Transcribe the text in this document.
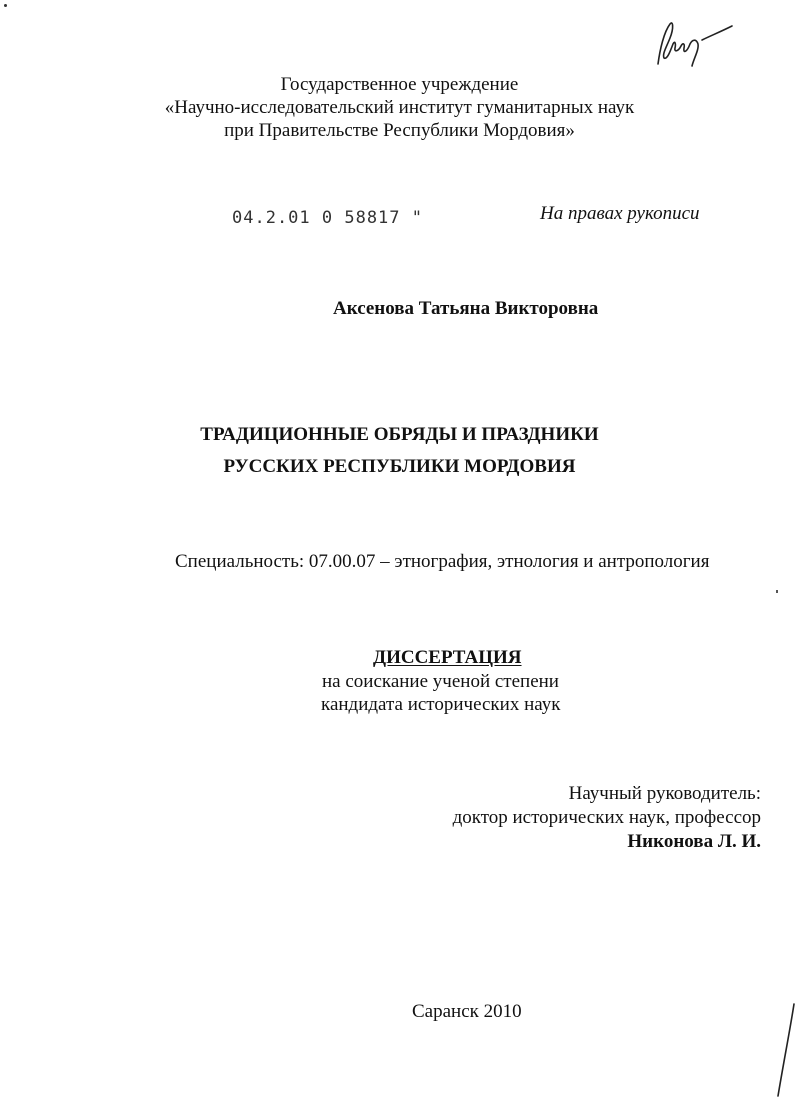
Государственное учреждение
«Научно-исследовательский институт гуманитарных наук
при Правительстве Республики Мордовия»
04.2.01 0 58817 "	На правах рукописи
Аксенова Татьяна Викторовна
ТРАДИЦИОННЫЕ ОБРЯДЫ И ПРАЗДНИКИ
РУССКИХ РЕСПУБЛИКИ МОРДОВИЯ
Специальность: 07.00.07 – этнография, этнология и антропология
ДИССЕРТАЦИЯ
на соискание ученой степени
кандидата исторических наук
Научный руководитель:
доктор исторических наук, профессор
Никонова Л. И.
Саранск 2010
